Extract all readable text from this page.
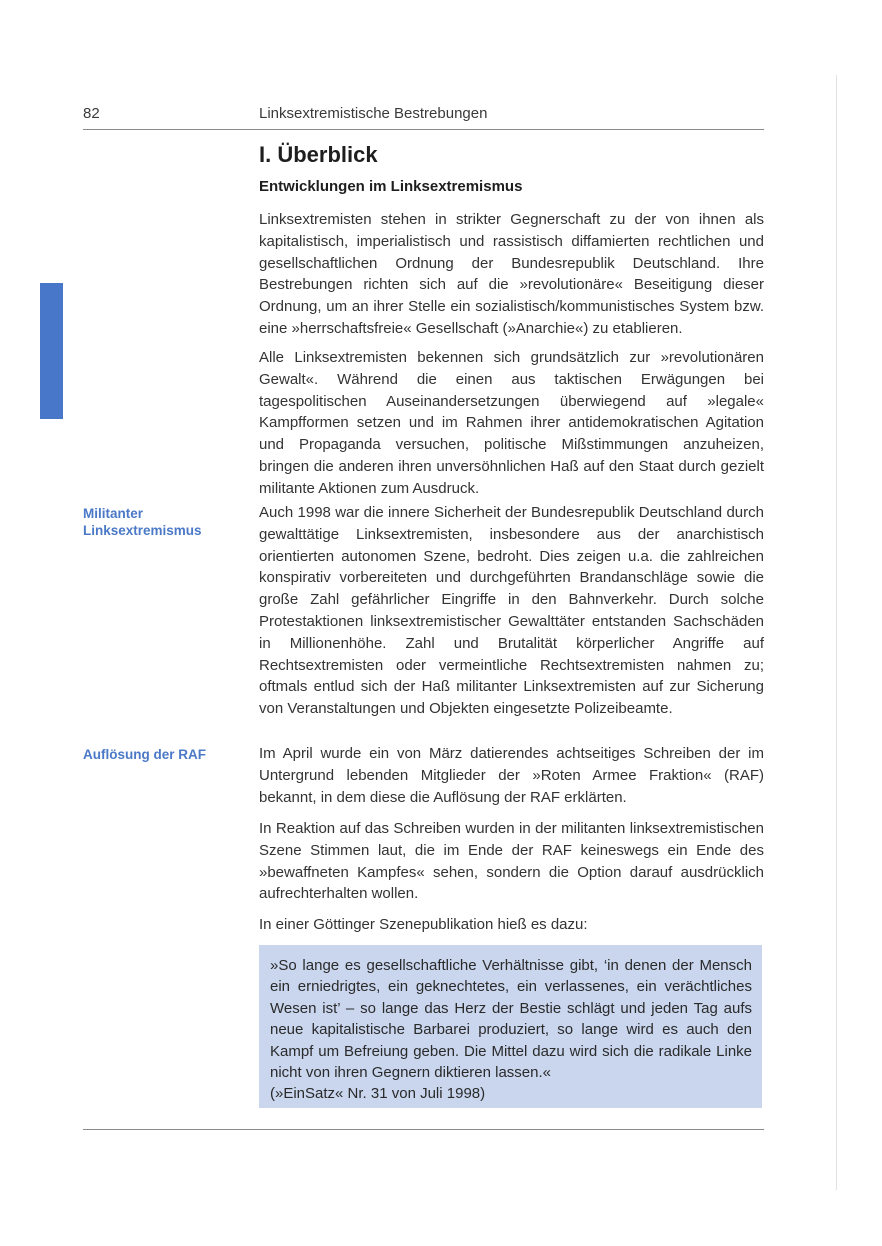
82	Linksextremistische Bestrebungen
I. Überblick
Entwicklungen im Linksextremismus

Linksextremisten stehen in strikter Gegnerschaft zu der von ihnen als kapitalistisch, imperialistisch und rassistisch diffamierten rechtlichen und gesellschaftlichen Ordnung der Bundesrepublik Deutschland. Ihre Bestrebungen richten sich auf die »revolutionäre« Beseitigung dieser Ordnung, um an ihrer Stelle ein sozialistisch/kommunistisches System bzw. eine »herrschaftsfreie« Gesellschaft (»Anarchie«) zu etablieren.

Alle Linksextremisten bekennen sich grundsätzlich zur »revolutionären Gewalt«. Während die einen aus taktischen Erwägungen bei tagespolitischen Auseinandersetzungen überwiegend auf »legale« Kampfformen setzen und im Rahmen ihrer antidemokratischen Agitation und Propaganda versuchen, politische Mißstimmungen anzuheizen, bringen die anderen ihren unversöhnlichen Haß auf den Staat durch gezielt militante Aktionen zum Ausdruck.

Militanter
Linksextremismus

Auch 1998 war die innere Sicherheit der Bundesrepublik Deutschland durch gewalttätige Linksextremisten, insbesondere aus der anarchistisch orientierten autonomen Szene, bedroht. Dies zeigen u.a. die zahlreichen konspirativ vorbereiteten und durchgeführten Brandanschläge sowie die große Zahl gefährlicher Eingriffe in den Bahnverkehr. Durch solche Protestaktionen linksextremistischer Gewalttäter entstanden Sachschäden in Millionenhöhe. Zahl und Brutalität körperlicher Angriffe auf Rechtsextremisten oder vermeintliche Rechtsextremisten nahmen zu; oftmals entlud sich der Haß militanter Linksextremisten auf zur Sicherung von Veranstaltungen und Objekten eingesetzte Polizeibeamte.

Auflösung der RAF	Im April wurde ein von März datierendes achtseitiges Schreiben der im Untergrund lebenden Mitglieder der »Roten Armee Fraktion« (RAF) bekannt, in dem diese die Auflösung der RAF erklärten.

In Reaktion auf das Schreiben wurden in der militanten linksextremistischen Szene Stimmen laut, die im Ende der RAF keineswegs ein Ende des »bewaffneten Kampfes« sehen, sondern die Option darauf ausdrücklich aufrechterhalten wollen.

In einer Göttinger Szenepublikation hieß es dazu:

»So lange es gesellschaftliche Verhältnisse gibt, ‘in denen der Mensch ein erniedrigtes, ein geknechtetes, ein verlassenes, ein verächtliches Wesen ist’ – so lange das Herz der Bestie schlägt und jeden Tag aufs neue kapitalistische Barbarei produziert, so lange wird es auch den Kampf um Befreiung geben. Die Mittel dazu wird sich die radikale Linke nicht von ihren Gegnern diktieren lassen.«

(»EinSatz« Nr. 31 von Juli 1998)
